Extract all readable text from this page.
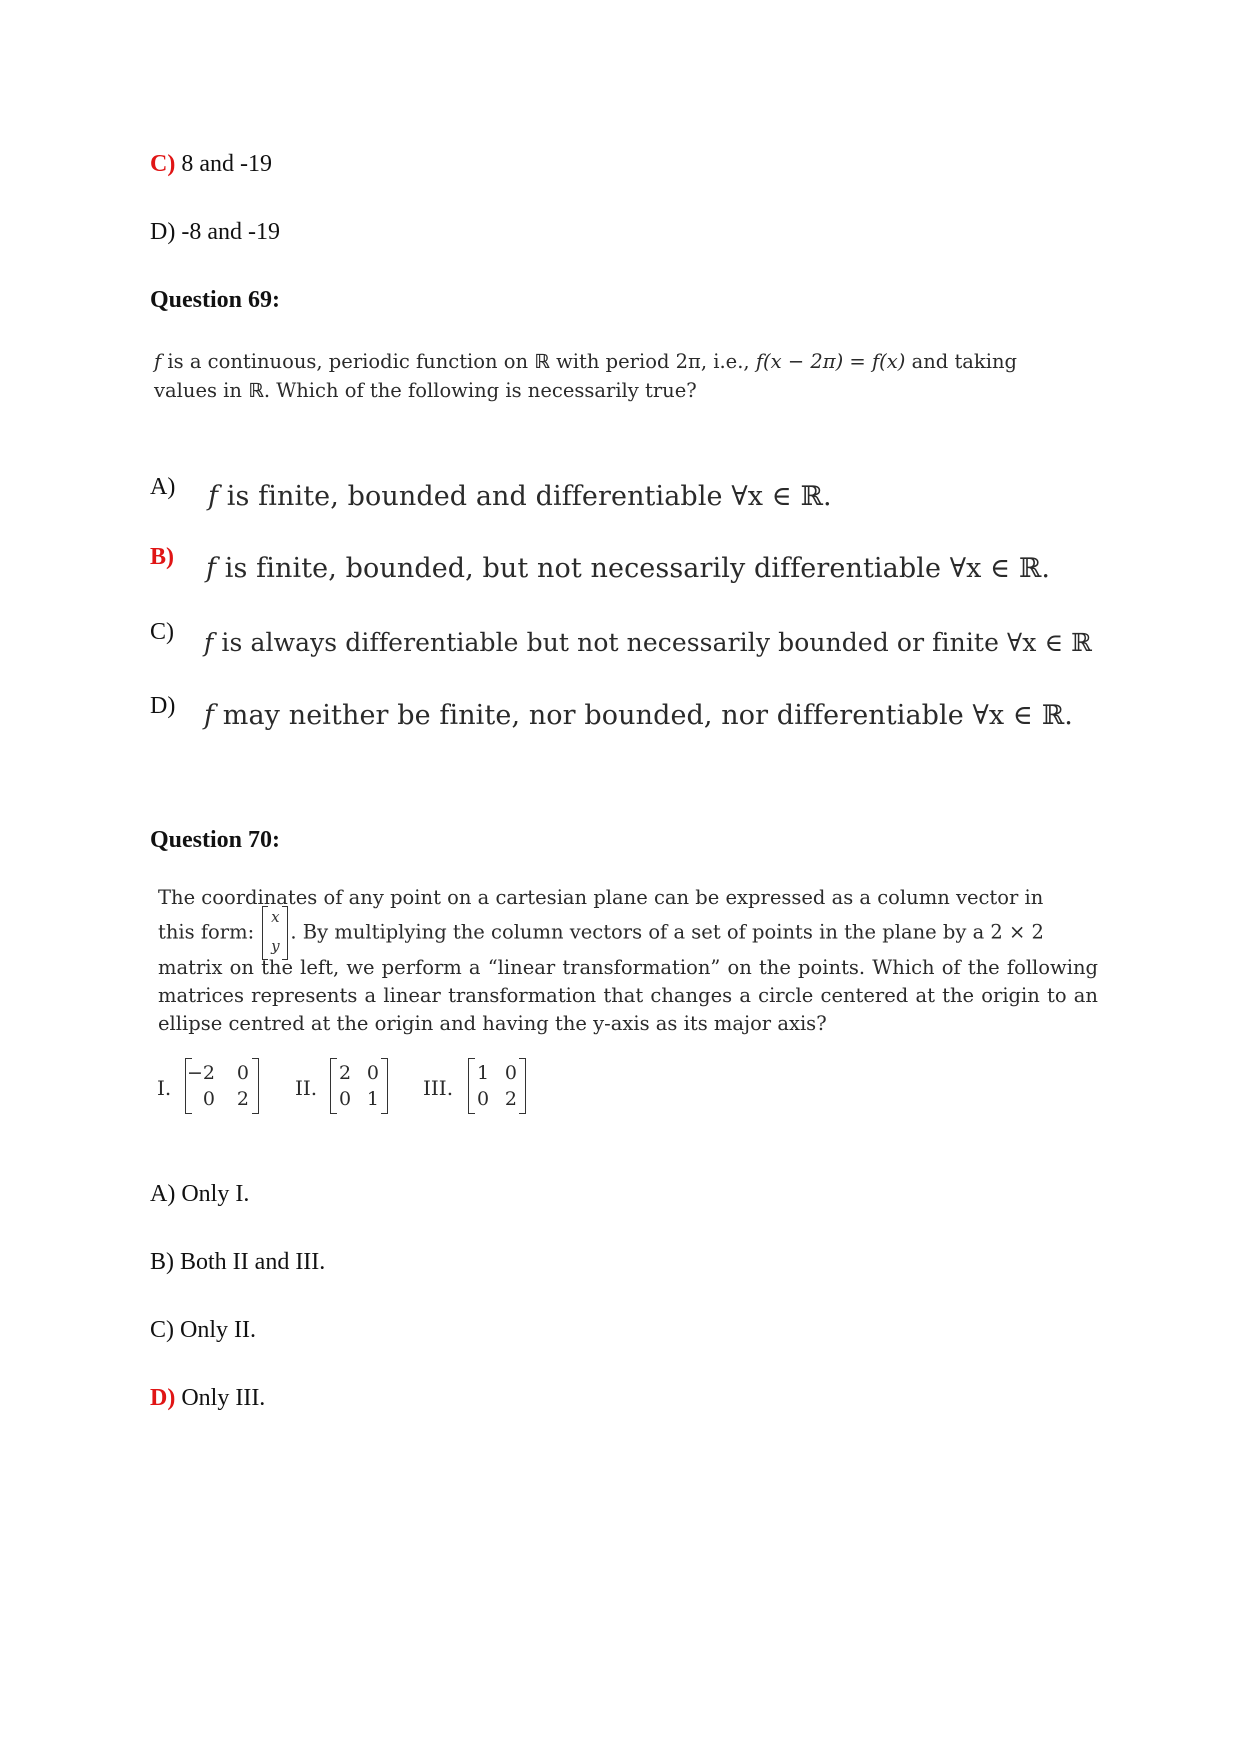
C) 8 and -19
D) -8 and -19
Question 69:
f is a continuous, periodic function on ℝ with period 2π, i.e., f(x − 2π) = f(x) and taking
values in ℝ. Which of the following is necessarily true?
A) f is finite, bounded and differentiable ∀x ∈ ℝ.
B) f is finite, bounded, but not necessarily differentiable ∀x ∈ ℝ.
C) f is always differentiable but not necessarily bounded or finite ∀x ∈ ℝ
D) f may neither be finite, nor bounded, nor differentiable ∀x ∈ ℝ.
Question 70:
The coordinates of any point on a cartesian plane can be expressed as a column vector in
this form:
x
y
. By multiplying the column vectors of a set of points in the plane by a 2 × 2
matrix on the left, we perform a “linear transformation” on the points. Which of the following matrices represents a linear transformation that changes a circle centered at the origin to an ellipse centred at the origin and having the y-axis as its major axis?
I.
−2 0
0 2 II.
2 0
0 1 III.
1 0
0 2
A) Only I.
B) Both II and III.
C) Only II.
D) Only III.
